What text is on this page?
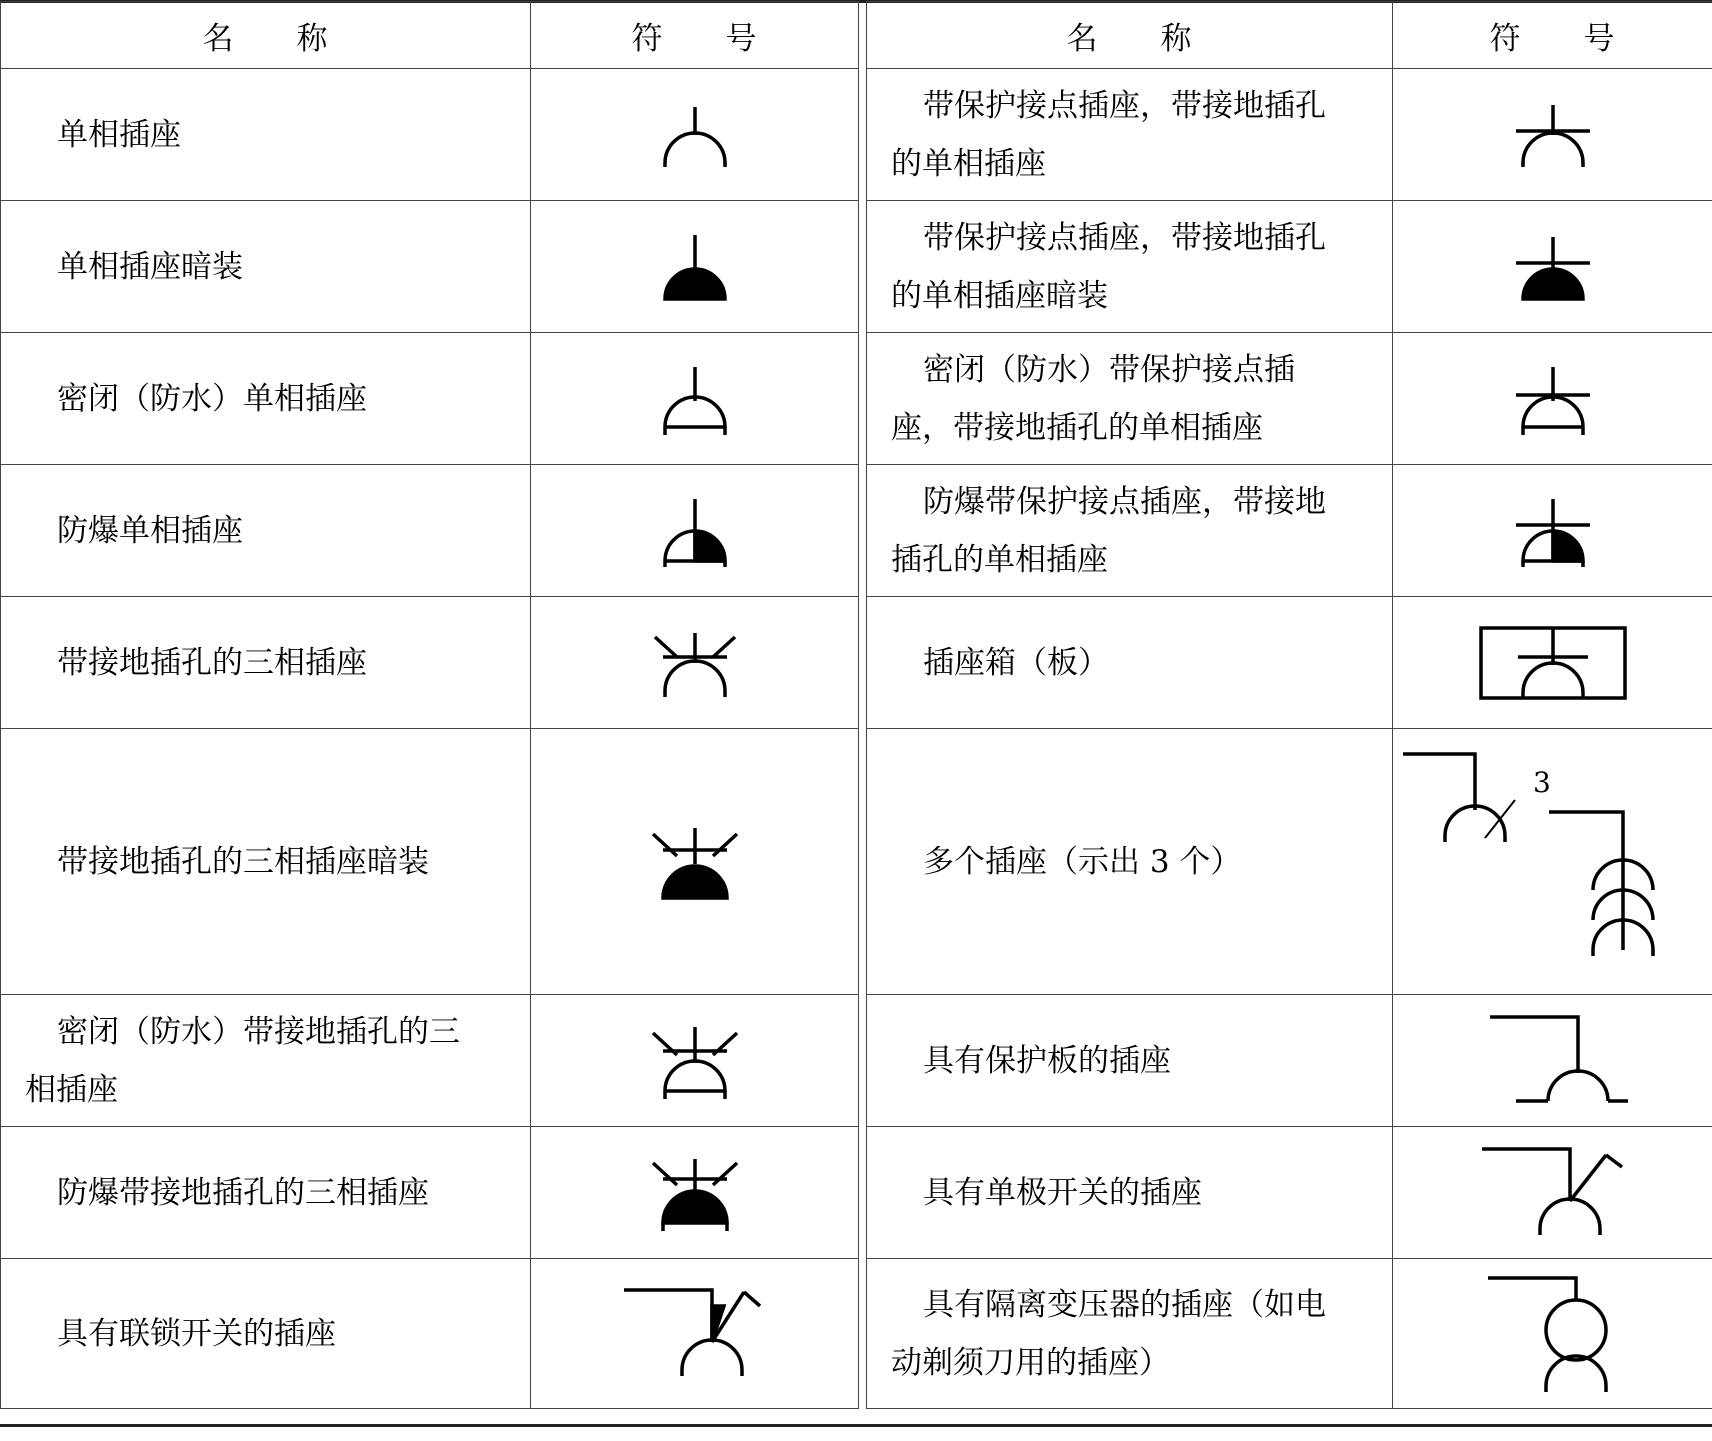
名 称	符 号		名 称	符 号
单相插座			带保护接点插座，带接地插孔
的单相插座	

单相插座暗装			带保护接点插座，带接地插孔
的单相插座暗装	

密闭（防水）单相插座			密闭（防水）带保护接点插
座，带接地插孔的单相插座	

防爆单相插座			防爆带保护接点插座，带接地
插孔的单相插座	

带接地插孔的三相插座			插座箱（板）	

带接地插孔的三相插座暗装			多个插座（示出 3 个）	3

密闭（防水）带接地插孔的三
相插座			具有保护板的插座	

防爆带接地插孔的三相插座			具有单极开关的插座	

具有联锁开关的插座			具有隔离变压器的插座（如电
动剃须刀用的插座）	
